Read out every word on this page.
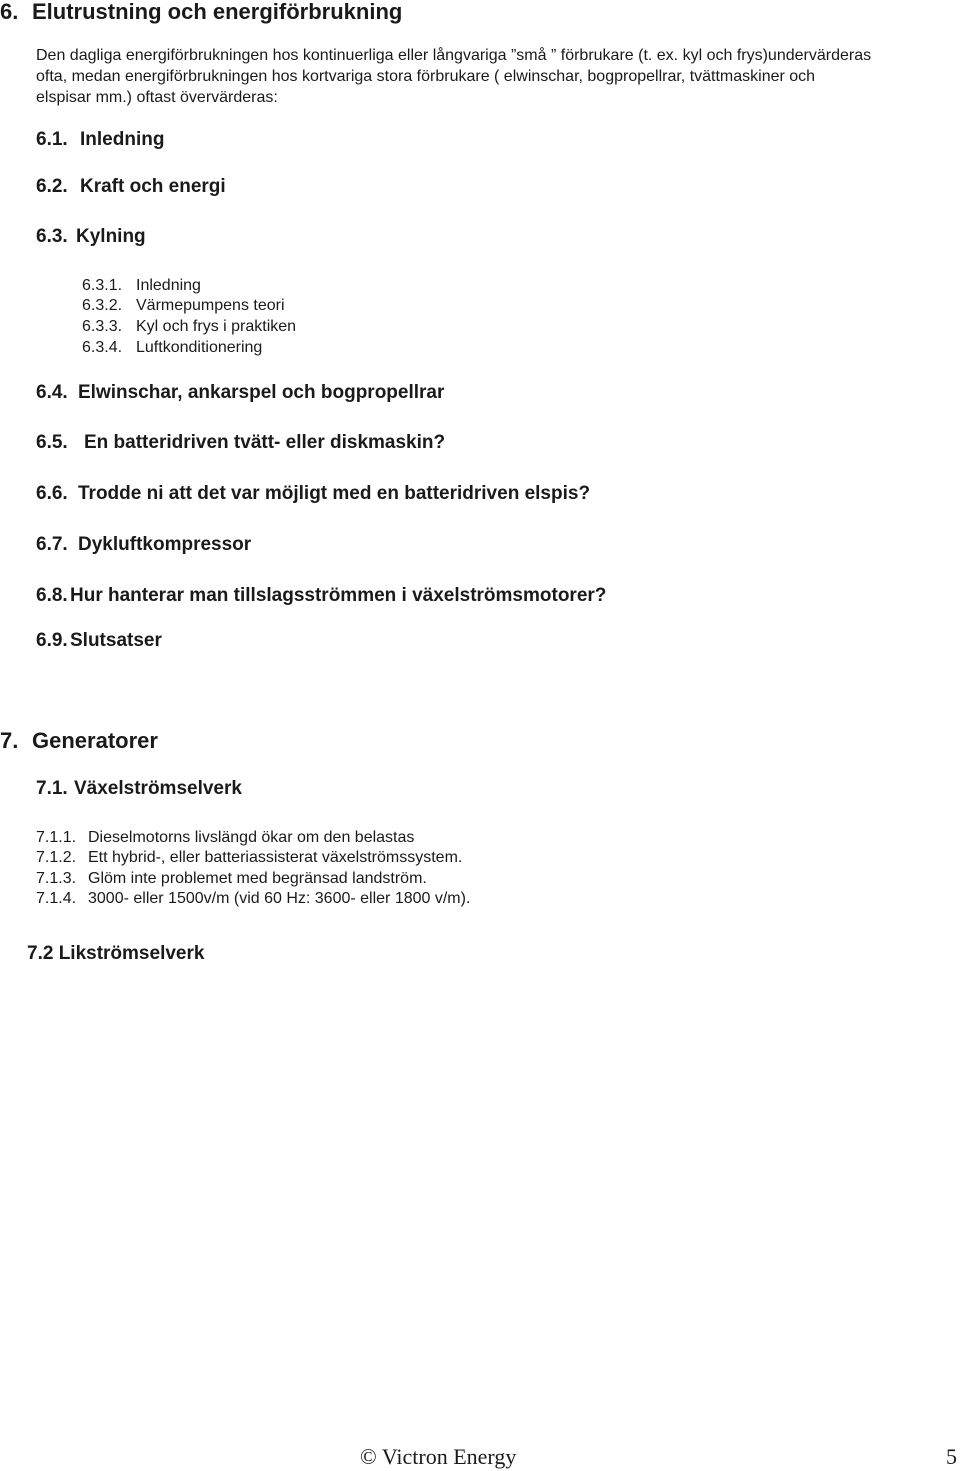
6. Elutrustning och energiförbrukning
Den dagliga energiförbrukningen hos kontinuerliga eller långvariga ”små ” förbrukare (t. ex. kyl och frys)undervärderas
ofta, medan energiförbrukningen hos kortvariga stora förbrukare ( elwinschar, bogpropellrar, tvättmaskiner och
elspisar mm.) oftast övervärderas:
6.1. Inledning
6.2. Kraft och energi
6.3. Kylning
6.3.1. Inledning
6.3.2. Värmepumpens teori
6.3.3. Kyl och frys i praktiken
6.3.4. Luftkonditionering
6.4. Elwinschar, ankarspel och bogpropellrar
6.5. En batteridriven tvätt- eller diskmaskin?
6.6. Trodde ni att det var möjligt med en batteridriven elspis?
6.7. Dykluftkompressor
6.8. Hur hanterar man tillslagsströmmen i växelströmsmotorer?
6.9. Slutsatser
7. Generatorer
7.1. Växelströmselverk
7.1.1. Dieselmotorns livslängd ökar om den belastas
7.1.2. Ett hybrid-, eller batteriassisterat växelströmssystem.
7.1.3. Glöm inte problemet med begränsad landström.
7.1.4. 3000- eller 1500v/m (vid 60 Hz: 3600- eller 1800 v/m).
7.2 Likströmselverk
© Victron Energy	5
